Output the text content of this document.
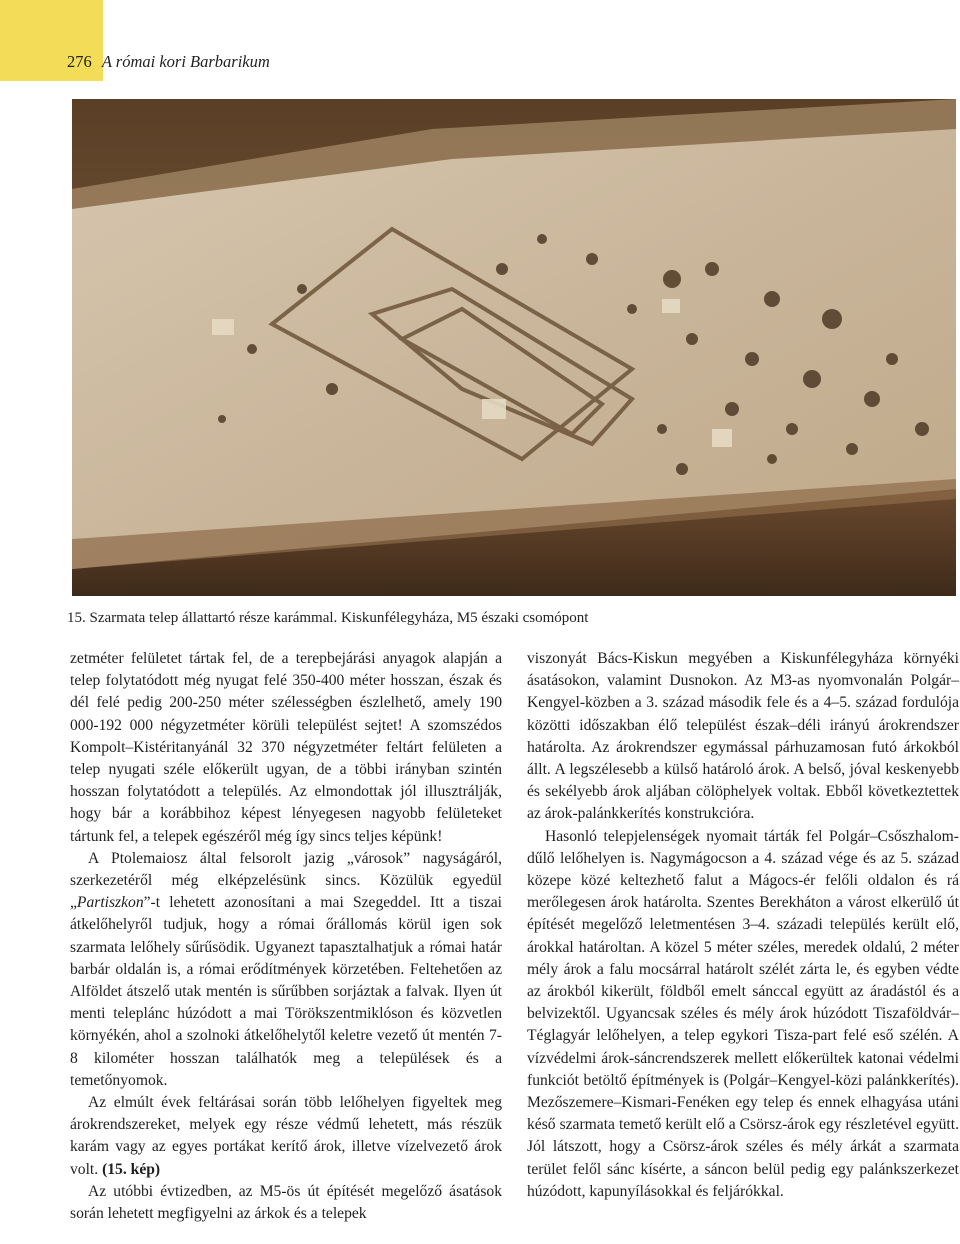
276 A római kori Barbarikum
15. Szarmata telep állattartó része karámmal. Kiskunfélegyháza, M5 északi csomópont

zetméter felületet tártak fel, de a terepbejárási anyagok alapján a telep folytatódott még nyugat felé 350-400 méter hosszan, észak és dél felé pedig 200-250 méter szélességben észlelhető, amely 190 000-192 000 négyzetméter körüli települést sejtet! A szomszédos Kompolt–Kistéritanyánál 32 370 négyzetméter feltárt felületen a telep nyugati széle előkerült ugyan, de a többi irányban szintén hosszan folytatódott a település. Az elmondottak jól illusztrálják, hogy bár a korábbihoz képest lényegesen nagyobb felületeket tártunk fel, a telepek egészéről még így sincs teljes képünk!

A Ptolemaiosz által felsorolt jazig „városok” nagyságáról, szerkezetéről még elképzelésünk sincs. Közülük egyedül „Partiszkon”-t lehetett azonosítani a mai Szegeddel. Itt a tiszai átkelőhelyről tudjuk, hogy a római őrállomás körül igen sok szarmata lelőhely sűrűsödik. Ugyanezt tapasztalhatjuk a római határ barbár oldalán is, a római erődítmények körzetében. Feltehetően az Alföldet átszelő utak mentén is sűrűbben sorjáztak a falvak. Ilyen út menti teleplánc húzódott a mai Törökszentmiklóson és közvetlen környékén, ahol a szolnoki átkelőhelytől keletre vezető út mentén 7-8 kilométer hosszan találhatók meg a települések és a temetőnyomok.

Az elmúlt évek feltárásai során több lelőhelyen figyeltek meg árokrendszereket, melyek egy része védmű lehetett, más részük karám vagy az egyes portákat kerítő árok, illetve vízelvezető árok volt. (15. kép)

Az utóbbi évtizedben, az M5-ös út építését megelőző ásatások során lehetett megfigyelni az árkok és a telepek

viszonyát Bács-Kiskun megyében a Kiskunfélegyháza környéki ásatásokon, valamint Dusnokon. Az M3-as nyomvonalán Polgár–Kengyel-közben a 3. század második fele és a 4–5. század fordulója közötti időszakban élő települést észak–déli irányú árokrendszer határolta. Az árokrendszer egymással párhuzamosan futó árkokból állt. A legszélesebb a külső határoló árok. A belső, jóval keskenyebb és sekélyebb árok aljában cölöphelyek voltak. Ebből következtettek az árok-palánkkerítés konstrukcióra.

Hasonló telepjelenségek nyomait tárták fel Polgár–Csőszhalom-dűlő lelőhelyen is. Nagymágocson a 4. század vége és az 5. század közepe közé keltezhető falut a Mágocs-ér felőli oldalon és rá merőlegesen árok határolta. Szentes Berekháton a várost elkerülő út építését megelőző leletmentésen 3–4. századi település került elő, árokkal határoltan. A közel 5 méter széles, meredek oldalú, 2 méter mély árok a falu mocsárral határolt szélét zárta le, és egyben védte az árokból kikerült, földből emelt sánccal együtt az áradástól és a belvizektől. Ugyancsak széles és mély árok húzódott Tiszaföldvár–Téglagyár lelőhelyen, a telep egykori Tisza-part felé eső szélén. A vízvédelmi árok-sáncrendszerek mellett előkerültek katonai védelmi funkciót betöltő építmények is (Polgár–Kengyel-közi palánkkerítés). Mezőszemere–Kismari-Fenéken egy telep és ennek elhagyása utáni késő szarmata temető került elő a Csörsz-árok egy részletével együtt. Jól látszott, hogy a Csörsz-árok széles és mély árkát a szarmata terület felől sánc kísérte, a sáncon belül pedig egy palánkszerkezet húzódott, kapunyílásokkal és feljárókkal.
